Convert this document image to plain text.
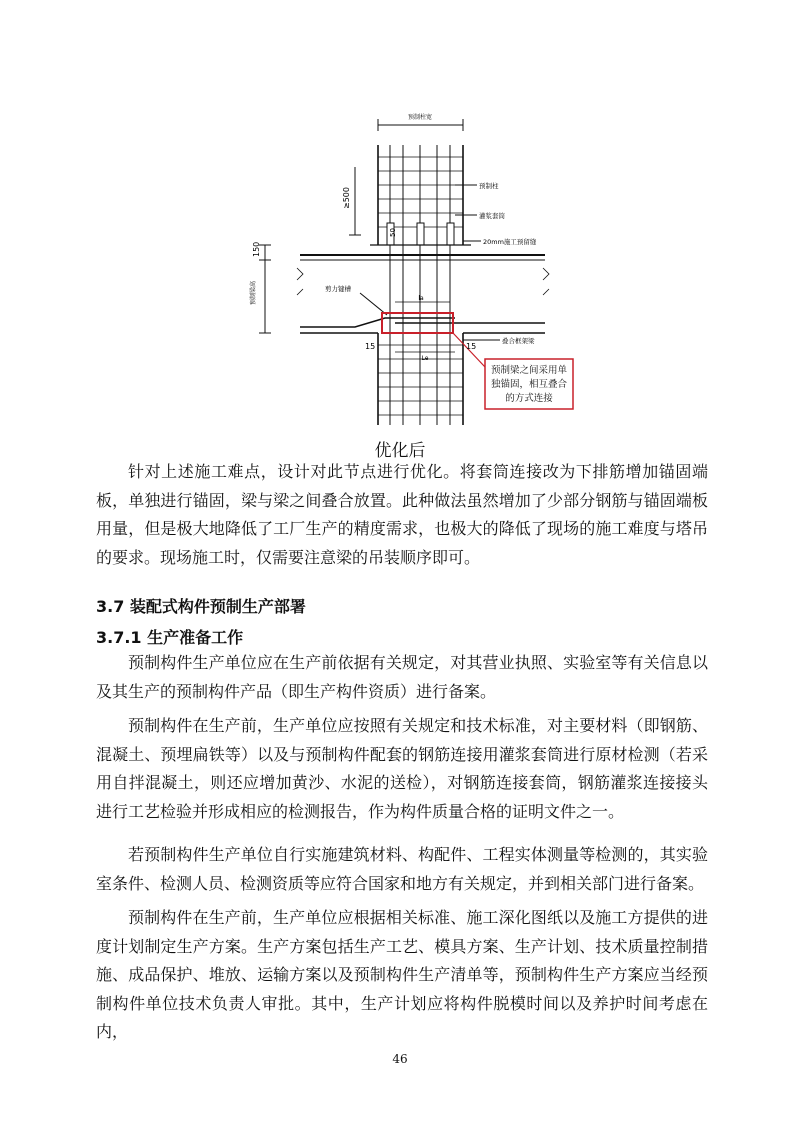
预制梁之间采用单
独锚固，相互叠合
的方式连接
预制柱宽
预制柱
灌浆套筒
20mm施工预留缝
剪力键槽
叠合框架梁
预制梁高
≥500
150
50
15	15
la
Le
优化后

针对上述施工难点，设计对此节点进行优化。将套筒连接改为下排筋增加锚固端板，单独进行锚固，梁与梁之间叠合放置。此种做法虽然增加了少部分钢筋与锚固端板用量，但是极大地降低了工厂生产的精度需求，也极大的降低了现场的施工难度与塔吊的要求。现场施工时，仅需要注意梁的吊装顺序即可。

3.7 装配式构件预制生产部署
3.7.1 生产准备工作

预制构件生产单位应在生产前依据有关规定，对其营业执照、实验室等有关信息以及其生产的预制构件产品（即生产构件资质）进行备案。

预制构件在生产前，生产单位应按照有关规定和技术标准，对主要材料（即钢筋、混凝土、预埋扁铁等）以及与预制构件配套的钢筋连接用灌浆套筒进行原材检测（若采用自拌混凝土，则还应增加黄沙、水泥的送检），对钢筋连接套筒，钢筋灌浆连接接头进行工艺检验并形成相应的检测报告，作为构件质量合格的证明文件之一。

若预制构件生产单位自行实施建筑材料、构配件、工程实体测量等检测的，其实验室条件、检测人员、检测资质等应符合国家和地方有关规定，并到相关部门进行备案。

预制构件在生产前，生产单位应根据相关标准、施工深化图纸以及施工方提供的进度计划制定生产方案。生产方案包括生产工艺、模具方案、生产计划、技术质量控制措施、成品保护、堆放、运输方案以及预制构件生产清单等，预制构件生产方案应当经预制构件单位技术负责人审批。其中，生产计划应将构件脱模时间以及养护时间考虑在内，

46
